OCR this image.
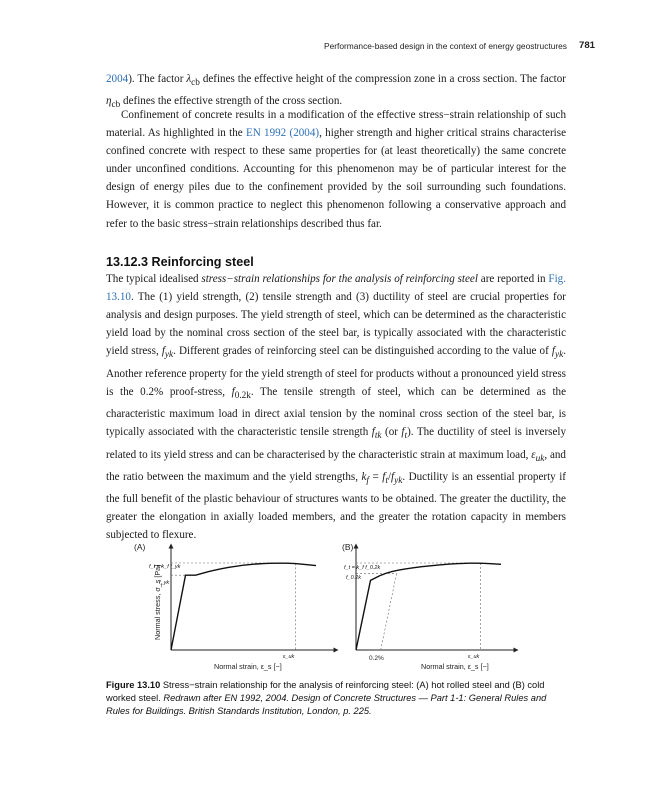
Performance-based design in the context of energy geostructures 781

2004). The factor $\lambda_{cb}$ defines the effective height of the compression zone in a cross section. The factor $\eta_{cb}$ defines the effective strength of the cross section.

Confinement of concrete results in a modification of the effective stress−strain relationship of such material. As highlighted in the EN 1992 (2004), higher strength and higher critical strains characterise confined concrete with respect to these same properties for (at least theoretically) the same concrete under unconfined conditions. Accounting for this phenomenon may be of particular interest for the design of energy piles due to the confinement provided by the soil surrounding such foundations. However, it is common practice to neglect this phenomenon following a conservative approach and refer to the basic stress−strain relationships described thus far.

13.12.3 Reinforcing steel

The typical idealised stress−strain relationships for the analysis of reinforcing steel are reported in Fig. 13.10. The (1) yield strength, (2) tensile strength and (3) ductility of steel are crucial properties for analysis and design purposes. The yield strength of steel, which can be determined as the characteristic yield load by the nominal cross section of the steel bar, is typically associated with the characteristic yield stress, $f_{yk}$. Different grades of reinforcing steel can be distinguished according to the value of $f_{yk}$. Another reference property for the yield strength of steel for products without a pronounced yield stress is the 0.2% proof-stress, $f_{0.2k}$. The tensile strength of steel, which can be determined as the characteristic maximum load in direct axial tension by the nominal cross section of the steel bar, is typically associated with the characteristic tensile strength $f_{tk}$ (or $f_t$). The ductility of steel is inversely related to its yield stress and can be characterised by the characteristic strain at maximum load, $\varepsilon_{uk}$, and the ratio between the maximum and the yield strengths, $k_f = f_t/f_{yk}$. Ductility is an essential property if the full benefit of the plastic behaviour of structures wants to be obtained. The greater the ductility, the greater the elongation in axially loaded members, and the greater the rotation capacity in members subjected to flexure.

(A)	(B)
Normal stress, σ_s [Pa]
f_t = k_f f_yk
f_yk
ε_uk
Normal strain, ε_s [−]
f_t = k_f f_0.2k
f_0.2k
0.2%	ε_uk
Normal strain, ε_s [−]

Figure 13.10 Stress−strain relationship for the analysis of reinforcing steel: (A) hot rolled steel and (B) cold worked steel. Redrawn after EN 1992, 2004. Design of Concrete Structures — Part 1-1: General Rules and Rules for Buildings. British Standards Institution, London, p. 225.
